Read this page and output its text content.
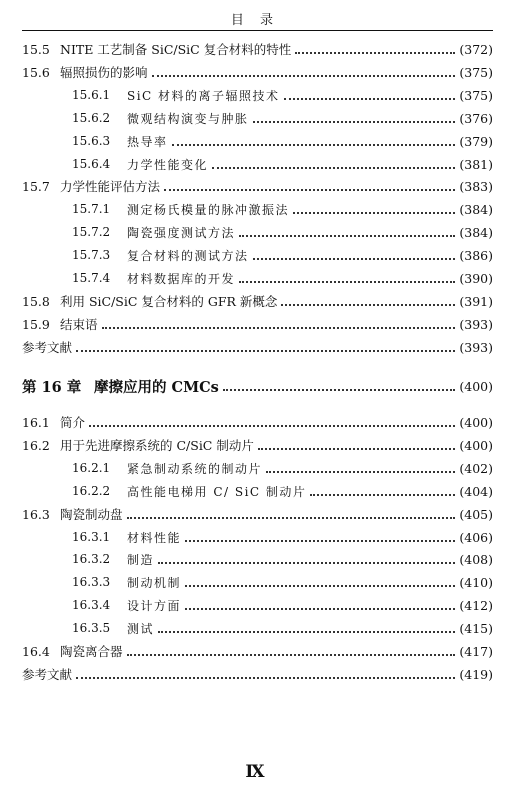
目 录
15.5 NITE 工艺制备 SiC/SiC 复合材料的特性	(372)
15.6 辐照损伤的影响	(375)
15.6.1	SiC 材料的离子辐照技术	(375)
15.6.2	微观结构演变与肿胀	(376)
15.6.3	热导率	(379)
15.6.4	力学性能变化	(381)
15.7 力学性能评估方法	(383)
15.7.1	测定杨氏模量的脉冲激振法	(384)
15.7.2	陶瓷强度测试方法	(384)
15.7.3	复合材料的测试方法	(386)
15.7.4	材料数据库的开发	(390)
15.8 利用 SiC/SiC 复合材料的 GFR 新概念	(391)
15.9 结束语	(393)
参考文献	(393)
第 16 章 摩擦应用的 CMCs	(400)
16.1 简介	(400)
16.2 用于先进摩擦系统的 C/SiC 制动片	(400)
16.2.1	紧急制动系统的制动片	(402)
16.2.2	高性能电梯用 C/ SiC 制动片	(404)
16.3 陶瓷制动盘	(405)
16.3.1	材料性能	(406)
16.3.2	制造	(408)
16.3.3	制动机制	(410)
16.3.4	设计方面	(412)
16.3.5	测试	(415)
16.4 陶瓷离合器	(417)
参考文献	(419)
Ⅸ
